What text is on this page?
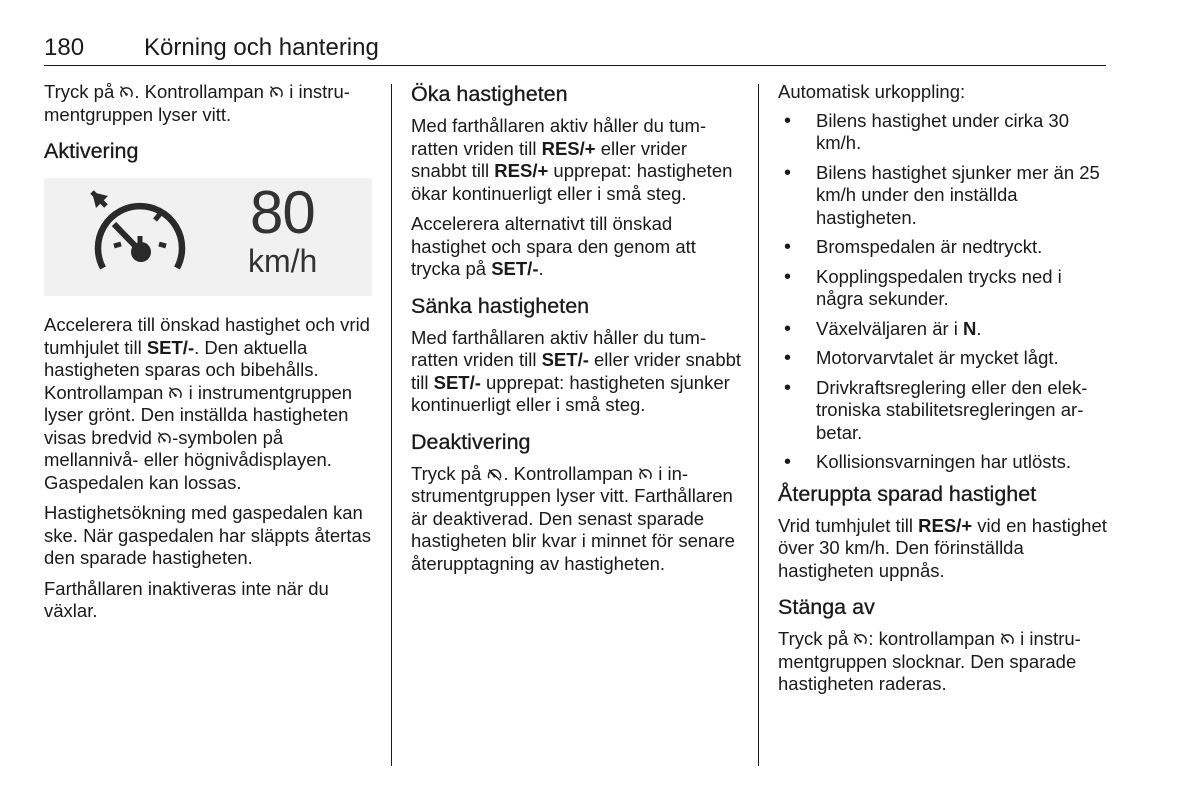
180 Körning och hantering

Tryck på . Kontrollampan  i instrumentgruppen lyser vitt.

Aktivering
80
km/h

Accelerera till önskad hastighet och vrid tumhjulet till SET/-. Den aktuella hastigheten sparas och bibehålls. Kontrollampan  i instrumentgruppen lyser grönt. Den inställda hastigheten visas bredvid -symbolen på mellannivå- eller högnivådisplayen. Gaspedalen kan lossas.

Hastighetsökning med gaspedalen kan ske. När gaspedalen har släppts återtas den sparade hastigheten.

Farthållaren inaktiveras inte när du växlar.

Öka hastigheten

Med farthållaren aktiv håller du tumratten vriden till RES/+ eller vrider snabbt till RES/+ upprepat: hastigheten ökar kontinuerligt eller i små steg.

Accelerera alternativt till önskad hastighet och spara den genom att trycka på SET/-.

Sänka hastigheten

Med farthållaren aktiv håller du tumratten vriden till SET/- eller vrider snabbt till SET/- upprepat: hastigheten sjunker kontinuerligt eller i små steg.

Deaktivering

Tryck på . Kontrollampan  i instrumentgruppen lyser vitt. Farthållaren är deaktiverad. Den senast sparade hastigheten blir kvar i minnet för senare återupptagning av hastigheten.

Automatisk urkoppling:

• Bilens hastighet under cirka 30 km/h.
• Bilens hastighet sjunker mer än 25 km/h under den inställda hastigheten.
• Bromspedalen är nedtryckt.
• Kopplingspedalen trycks ned i några sekunder.
• Växelväljaren är i N.
• Motorvarvtalet är mycket lågt.
• Drivkraftsreglering eller den elektroniska stabilitetsregleringen arbetar.
• Kollisionsvarningen har utlösts.
Återuppta sparad hastighet

Vrid tumhjulet till RES/+ vid en hastighet över 30 km/h. Den förinställda hastigheten uppnås.

Stänga av

Tryck på : kontrollampan  i instrumentgruppen slocknar. Den sparade hastigheten raderas.
